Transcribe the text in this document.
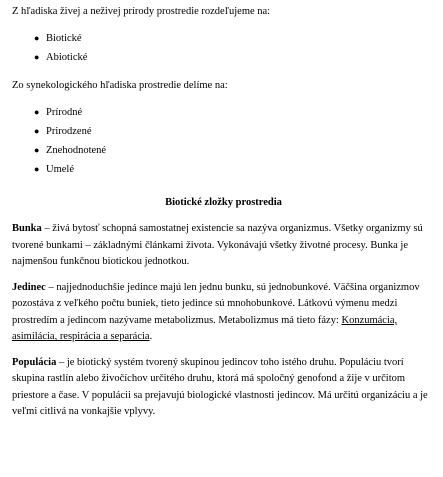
Z hľadiska živej a neživej prírody prostredie rozdeľujeme na:

● Biotické
● Abiotické

Zo synekologického hľadiska prostredie delíme na:

● Prírodné
● Prirodzené
● Znehodnotené
● Umelé

Biotické zložky prostredia

Bunka – živá bytosť schopná samostatnej existencie sa nazýva organizmus. Všetky organizmy sú tvorené bunkami – základnými článkami života. Vykonávajú všetky životné procesy. Bunka je najmenšou funkčnou biotickou jednotkou.

Jedinec – najjednoduchšie jedince majú len jednu bunku, sú jednobunkové. Väčšina organizmov pozostáva z veľkého počtu buniek, tieto jedince sú mnohobunkové. Látkovú výmenu medzi prostredím a jedincom nazývame metabolizmus. Metabolizmus má tieto fázy: Konzumácia, asimilácia, respirácia a separácia.

Populácia – je biotický systém tvorený skupinou jedincov toho istého druhu. Populáciu tvorí skupina rastlín alebo živočíchov určitého druhu, ktorá má spoločný genofond a žije v určitom priestore a čase. V populácii sa prejavujú biologické vlastnosti jedincov. Má určitú organizáciu a je veľmi citlivá na vonkajšie vplyvy.
